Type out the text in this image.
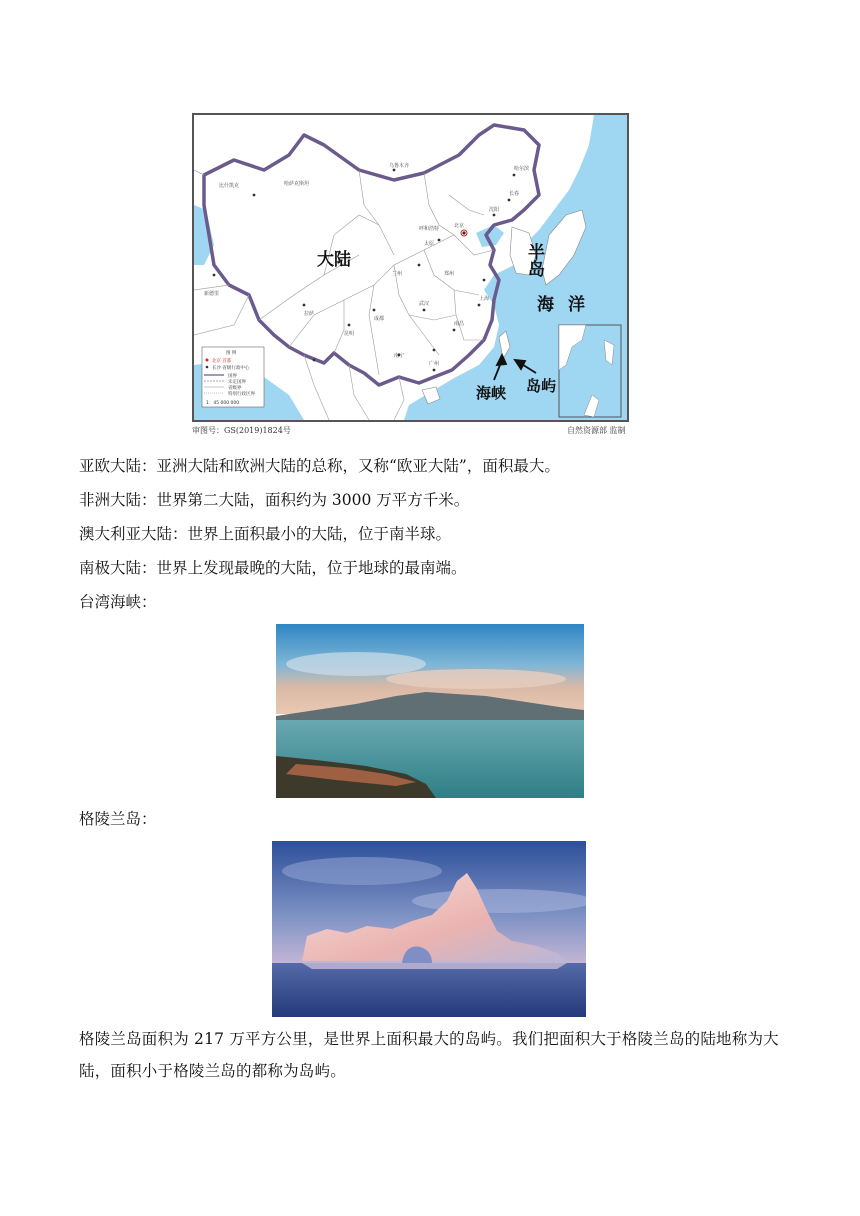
乌鲁木齐
哈萨克斯坦
比什凯克
呼和浩特	北京
哈尔滨
长春
沈阳
成都
武汉
南昌
上海
广州
南宁
拉萨
新德里
昆明
郑州
太原
兰州
图 例
北京 首都
长沙 省级行政中心
国界
未定国界
省级界
特别行政区界
1：45 000 000
大陆	半岛
海洋
海峡 岛屿
审图号：GS(2019)1824号	自然资源部 监制
亚欧大陆：亚洲大陆和欧洲大陆的总称，又称“欧亚大陆”，面积最大。
非洲大陆：世界第二大陆，面积约为 3000 万平方千米。
澳大利亚大陆：世界上面积最小的大陆，位于南半球。
南极大陆：世界上发现最晚的大陆，位于地球的最南端。
台湾海峡：
格陵兰岛：
格陵兰岛面积为 217 万平方公里，是世界上面积最大的岛屿。我们把面积大于格陵兰岛的陆地称为大陆，面积小于格陵兰岛的都称为岛屿。
